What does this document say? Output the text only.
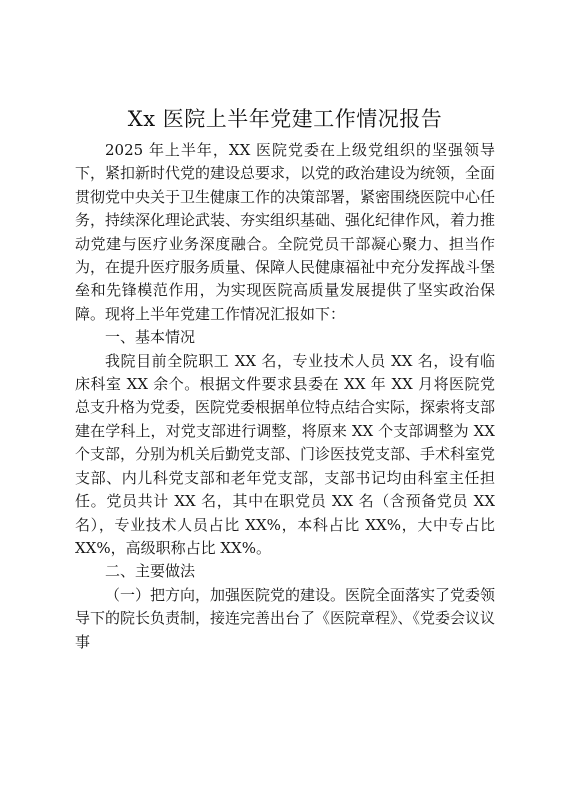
Xx 医院上半年党建工作情况报告

2025 年上半年，XX 医院党委在上级党组织的坚强领导下，紧扣新时代党的建设总要求，以党的政治建设为统领，全面贯彻党中央关于卫生健康工作的决策部署，紧密围绕医院中心任务，持续深化理论武装、夯实组织基础、强化纪律作风，着力推动党建与医疗业务深度融合。全院党员干部凝心聚力、担当作为，在提升医疗服务质量、保障人民健康福祉中充分发挥战斗堡垒和先锋模范作用，为实现医院高质量发展提供了坚实政治保障。现将上半年党建工作情况汇报如下：

一、基本情况

我院目前全院职工 XX 名，专业技术人员 XX 名，设有临床科室 XX 余个。根据文件要求县委在 XX 年 XX 月将医院党总支升格为党委，医院党委根据单位特点结合实际，探索将支部建在学科上，对党支部进行调整，将原来 XX 个支部调整为 XX 个支部，分别为机关后勤党支部、门诊医技党支部、手术科室党支部、内儿科党支部和老年党支部，支部书记均由科室主任担任。党员共计 XX 名，其中在职党员 XX 名（含预备党员 XX 名），专业技术人员占比 XX%，本科占比 XX%，大中专占比 XX%，高级职称占比 XX%。

二、主要做法

（一）把方向，加强医院党的建设。医院全面落实了党委领导下的院长负责制，接连完善出台了《医院章程》、《党委会议议事
